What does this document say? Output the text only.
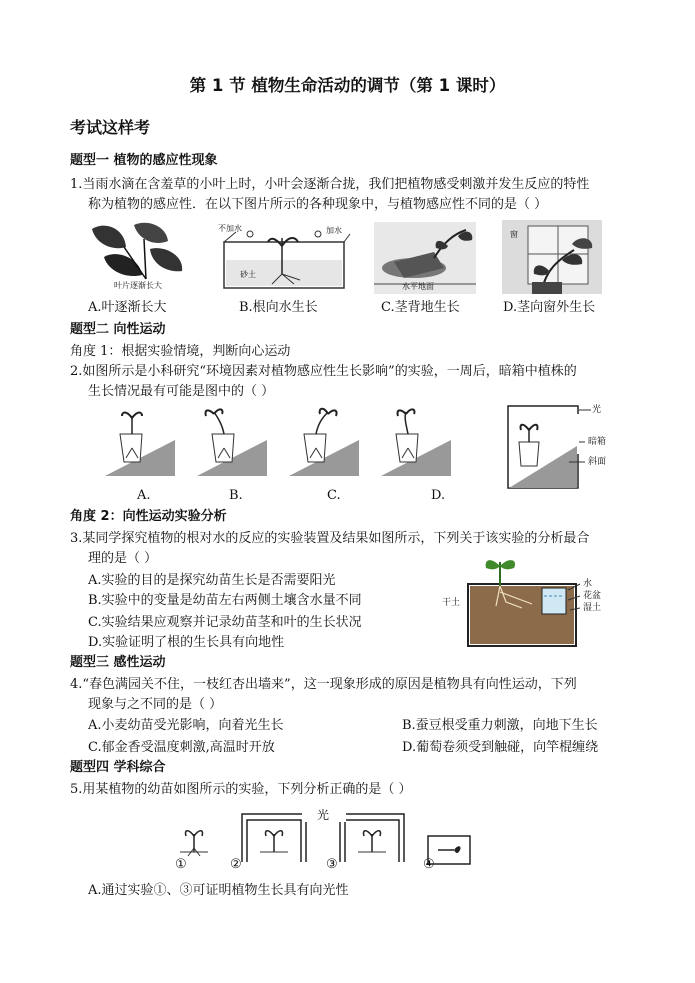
第 1 节 植物生命活动的调节（第 1 课时）
考试这样考
题型一 植物的感应性现象
1.当雨水滴在含羞草的小叶上时，小叶会逐渐合拢，我们把植物感受刺激并发生反应的特性
称为植物的感应性．在以下图片所示的各种现象中，与植物感应性不同的是（ ）
叶片逐渐长大
不加水	加水
砂土
水平地面
窗
A.叶逐渐长大	B.根向水生长	C.茎背地生长	D.茎向窗外生长
题型二 向性运动
角度 1：根据实验情境，判断向心运动
2.如图所示是小科研究“环境因素对植物感应性生长影响”的实验，一周后，暗箱中植株的
生长情况最有可能是图中的（ ）
A.	B.	C.	D.
光
暗箱
斜面
角度 2：向性运动实验分析
3.某同学探究植物的根对水的反应的实验装置及结果如图所示，下列关于该实验的分析最合
理的是（ ）
A.实验的目的是探究幼苗生长是否需要阳光
B.实验中的变量是幼苗左右两侧土壤含水量不同
C.实验结果应观察并记录幼苗茎和叶的生长状况
D.实验证明了根的生长具有向地性
干土
水
花盆
湿土
题型三 感性运动
4.“春色满园关不住，一枝红杏出墙来”，这一现象形成的原因是植物具有向性运动，下列
现象与之不同的是（ ）
A.小麦幼苗受光影响，向着光生长	B.蚕豆根受重力刺激，向地下生长
C.郁金香受温度刺激,高温时开放	D.葡萄卷须受到触碰，向竿棍缠绕
题型四 学科综合
5.用某植物的幼苗如图所示的实验，下列分析正确的是（ ）
光
①	②	③	④
A.通过实验①、③可证明植物生长具有向光性
